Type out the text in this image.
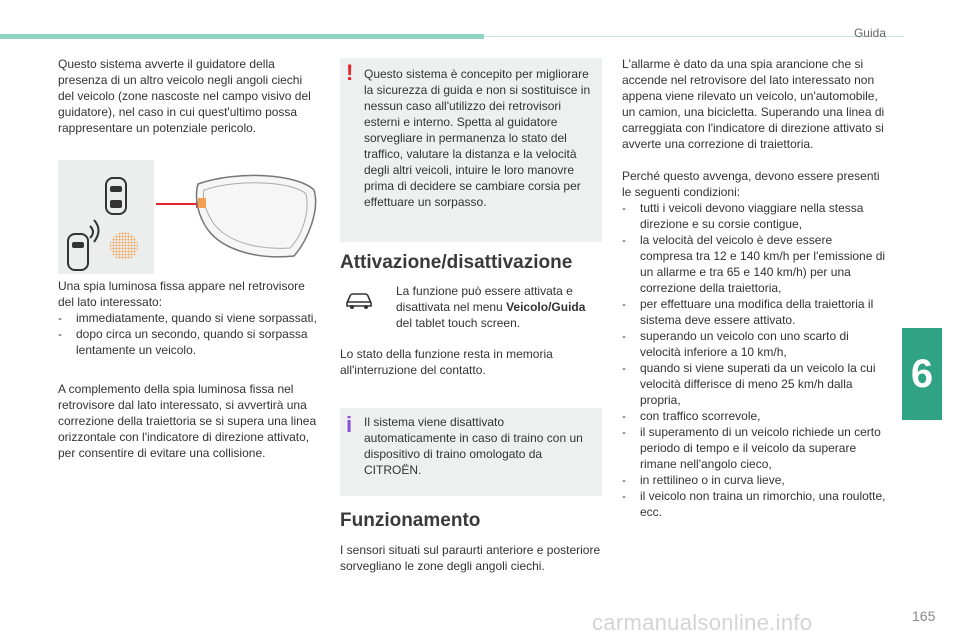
Guida

Questo sistema avverte il guidatore della presenza di un altro veicolo negli angoli ciechi del veicolo (zone nascoste nel campo visivo del guidatore), nel caso in cui quest'ultimo possa rappresentare un potenziale pericolo.

Una spia luminosa fissa appare nel retrovisore del lato interessato:

- immediatamente, quando si viene sorpassati,
- dopo circa un secondo, quando si sorpassa lentamente un veicolo.

A complemento della spia luminosa fissa nel retrovisore dal lato interessato, si avvertirà una correzione della traiettoria se si supera una linea orizzontale con l'indicatore di direzione attivato, per consentire di evitare una collisione.

! Questo sistema è concepito per migliorare la sicurezza di guida e non si sostituisce in nessun caso all'utilizzo dei retrovisori esterni e interno. Spetta al guidatore sorvegliare in permanenza lo stato del traffico, valutare la distanza e la velocità degli altri veicoli, intuire le loro manovre prima di decidere se cambiare corsia per effettuare un sorpasso.
Attivazione/disattivazione

La funzione può essere attivata e disattivata nel menu Veicolo/Guida del tablet touch screen.

Lo stato della funzione resta in memoria all'interruzione del contatto.

i Il sistema viene disattivato automaticamente in caso di traino con un dispositivo di traino omologato da CITROËN.
Funzionamento

I sensori situati sul paraurti anteriore e posteriore sorvegliano le zone degli angoli ciechi.

L'allarme è dato da una spia arancione che si accende nel retrovisore del lato interessato non appena viene rilevato un veicolo, un'automobile, un camion, una bicicletta. Superando una linea di carreggiata con l'indicatore di direzione attivato si avverte una correzione di traiettoria.

Perché questo avvenga, devono essere presenti le seguenti condizioni:

- tutti i veicoli devono viaggiare nella stessa direzione e su corsie contigue,
- la velocità del veicolo è deve essere compresa tra 12 e 140 km/h per l'emissione di un allarme e tra 65 e 140 km/h) per una correzione della traiettoria,
- per effettuare una modifica della traiettoria il sistema deve essere attivato.
- superando un veicolo con uno scarto di velocità inferiore a 10 km/h,
- quando si viene superati da un veicolo la cui velocità differisce di meno 25 km/h dalla propria,
- con traffico scorrevole,
- il superamento di un veicolo richiede un certo periodo di tempo e il veicolo da superare rimane nell'angolo cieco,
- in rettilineo o in curva lieve,
- il veicolo non traina un rimorchio, una roulotte, ecc.
6
carmanualsonline.info	165
